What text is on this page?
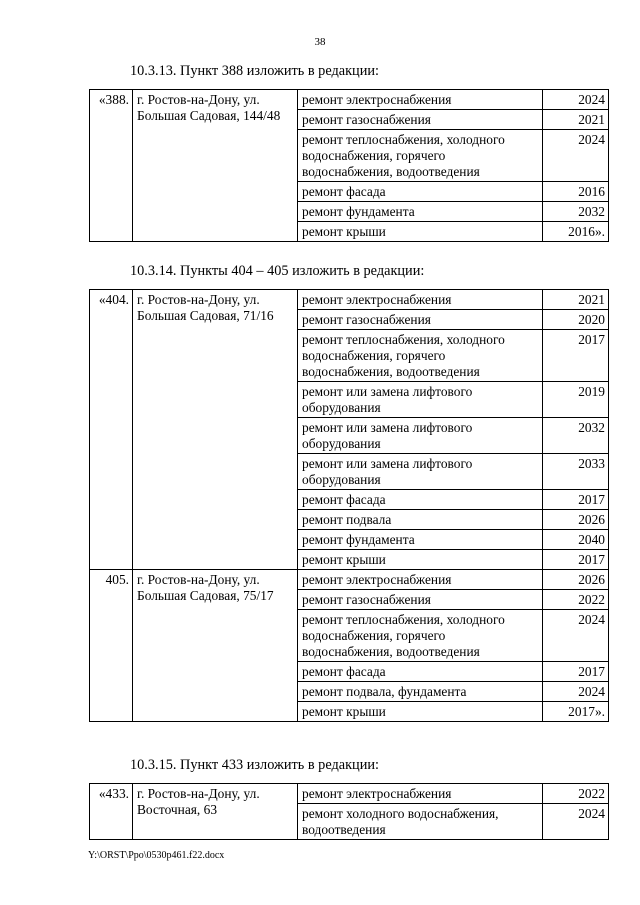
38
10.3.13. Пункт 388 изложить в редакции:
«388.	г. Ростов-на-Дону, ул. Большая Садовая, 144/48	ремонт электроснабжения	2024
		ремонт газоснабжения	2021
		ремонт теплоснабжения, холодного водоснабжения, горячего водоснабжения, водоотведения	2024
		ремонт фасада	2016
		ремонт фундамента	2032
		ремонт крыши	2016».
10.3.14. Пункты 404 – 405 изложить в редакции:
«404.	г. Ростов-на-Дону, ул. Большая Садовая, 71/16	ремонт электроснабжения	2021
		ремонт газоснабжения	2020
		ремонт теплоснабжения, холодного водоснабжения, горячего водоснабжения, водоотведения	2017
		ремонт или замена лифтового оборудования	2019
		ремонт или замена лифтового оборудования	2032
		ремонт или замена лифтового оборудования	2033
		ремонт фасада	2017
		ремонт подвала	2026
		ремонт фундамента	2040
		ремонт крыши	2017
405.	г. Ростов-на-Дону, ул. Большая Садовая, 75/17	ремонт электроснабжения	2026
		ремонт газоснабжения	2022
		ремонт теплоснабжения, холодного водоснабжения, горячего водоснабжения, водоотведения	2024
		ремонт фасада	2017
		ремонт подвала, фундамента	2024
		ремонт крыши	2017».
10.3.15. Пункт 433 изложить в редакции:
«433.	г. Ростов-на-Дону, ул. Восточная, 63	ремонт электроснабжения	2022
		ремонт холодного водоснабжения, водоотведения	2024
Y:\ORST\Ppo\0530p461.f22.docx
